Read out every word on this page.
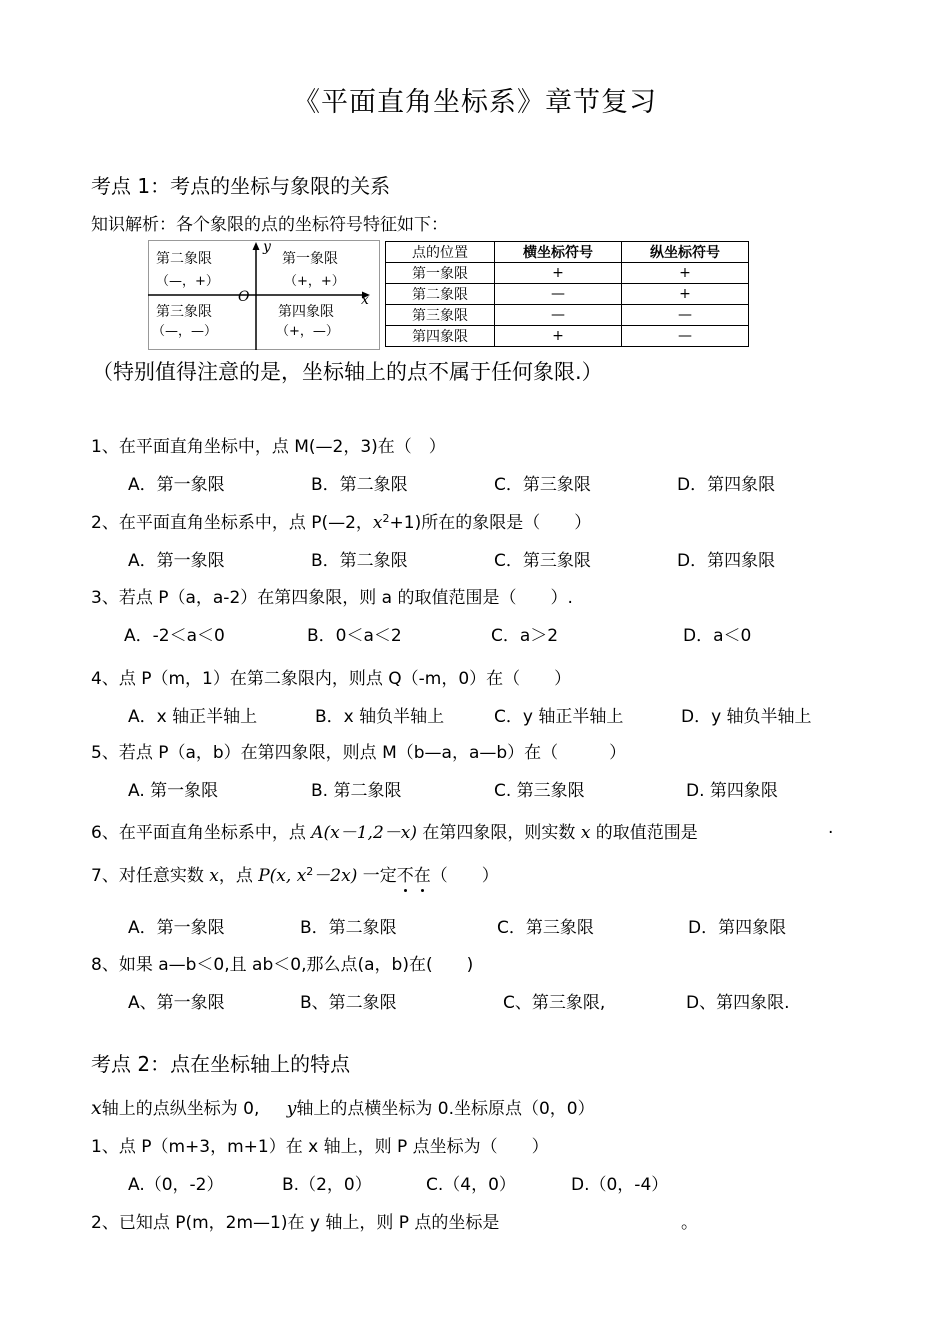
《平面直角坐标系》章节复习
考点 1：考点的坐标与象限的关系
知识解析：各个象限的点的坐标符号特征如下：
y
x
O
第二象限
（—，+）
第一象限
（+，+）
第三象限
（—，—）
第四象限
（+，—）
点的位置	横坐标符号	纵坐标符号
第一象限	+	+
第二象限	—	+
第三象限	—	—
第四象限	+	—
（特别值得注意的是，坐标轴上的点不属于任何象限.）
1、在平面直角坐标中，点 M(—2，3)在（　）
A．第一象限	B．第二象限	C．第三象限	D．第四象限
2、在平面直角坐标系中，点 P(—2，$x^2+1$)所在的象限是（　　）
A．第一象限	B．第二象限	C．第三象限	D．第四象限
3、若点 P（a，a-2）在第四象限，则 a 的取值范围是（　　）.
A．-2＜a＜0	B．0＜a＜2	C．a＞2	D．a＜0
4、点 P（m，1）在第二象限内，则点 Q（-m，0）在（　　）
A．x 轴正半轴上	B．x 轴负半轴上	C．y 轴正半轴上	D．y 轴负半轴上
5、若点 P（a，b）在第四象限，则点 M（b—a，a—b）在（　　　）
A. 第一象限	B. 第二象限	C. 第三象限	D. 第四象限
6、在平面直角坐标系中，点 A(x－1,2－x) 在第四象限，则实数 x 的取值范围是	.
7、对任意实数 x，点 P(x, $x^2-2x$) 一定不在（　　）
A．第一象限	B．第二象限	C．第三象限	D．第四象限
8、如果 a—b＜0,且 ab＜0,那么点(a，b)在(　　)
A、第一象限	B、第二象限	C、第三象限,	D、第四象限.
考点 2：点在坐标轴上的特点
x轴上的点纵坐标为 0, y轴上的点横坐标为 0.坐标原点（0，0）
1、点 P（m+3，m+1）在 x 轴上，则 P 点坐标为（　　）
A.（0，-2）	B.（2，0）	C.（4，0）	D.（0，-4）
2、已知点 P(m，2m—1)在 y 轴上，则 P 点的坐标是	。
